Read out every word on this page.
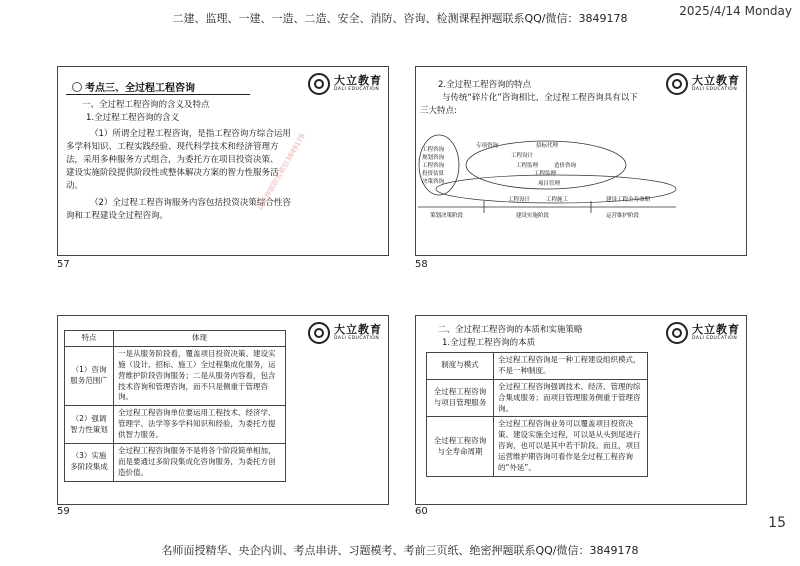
二建、监理、一建、一造、二造、安全、消防、咨询、检测课程押题联系QQ/微信：3849178
2025/4/14 Monday
考点三、全过程工程咨询
大立教育
DALI EDUCATION
一、全过程工程咨询的含义及特点
1.全过程工程咨询的含义
（1）所谓全过程工程咨询，是指工程咨询方综合运用
多学科知识、工程实践经验、现代科学技术和经济管理方
法，采用多种服务方式组合，为委托方在项目投资决策、
建设实施阶段提供阶段性或整体解决方案的智力性服务活
动。
（2）全过程工程咨询服务内容包括投资决策综合性咨
询和工程建设全过程咨询。
请勿押题联系微信3849178
57
大立教育
DALI EDUCATION
2.全过程工程咨询的特点
与传统“碎片化”咨询相比，全过程工程咨询具有以下
三大特点:
工程咨询
规划咨询
工程咨询
投资估算
决策咨询
专项咨询	招标代理
工程设计
工程监理	造价咨询
工程监理
项目管理
工程设计	工程施工	建设工程全寿命期
策划决策阶段	建设实施阶段	运营维护阶段
58
大立教育
DALI EDUCATION
特点	体现
（1）咨询服务范围广	一是从服务阶段看，覆盖项目投资决策、建设实施（设计、招标、施工）全过程集成化服务，运营维护阶段咨询服务；二是从服务内容看，包含技术咨询和管理咨询，而不只是侧重于管理咨询。
（2）强调智力性策划	全过程工程咨询单位要运用工程技术、经济学、管理学、法学等多学科知识和经验，为委托方提供智力服务。
（3）实施多阶段集成	全过程工程咨询服务不是将各个阶段简单相加，而是要通过多阶段集成化咨询服务，为委托方创造价值。
59
大立教育
DALI EDUCATION
二、全过程工程咨询的本质和实施策略
1.全过程工程咨询的本质
制度与模式	全过程工程咨询是一种工程建设组织模式，不是一种制度。
全过程工程咨询与项目管理服务	全过程工程咨询强调技术、经济、管理的综合集成服务；而项目管理服务侧重于管理咨询。
全过程工程咨询与全寿命周期	全过程工程咨询业务可以覆盖项目投资决策、建设实施全过程，可以是从头到尾进行咨询，也可以是其中若干阶段。而且，项目运营维护期咨询可看作是全过程工程咨询的“外延”。
60
15
名师面授精华、央企内训、考点串讲、习题模考、考前三页纸、绝密押题联系QQ/微信：3849178
